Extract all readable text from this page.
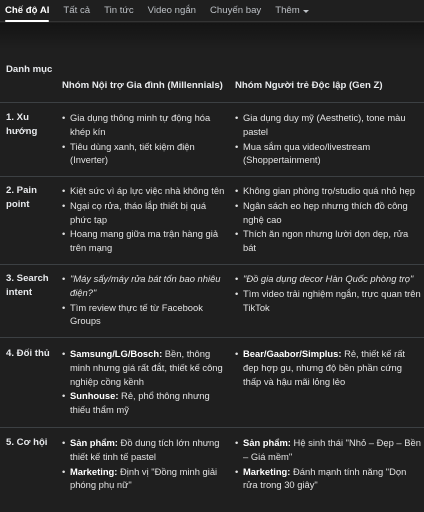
Chế độ AI Tất cả Tin tức Video ngắn Chuyến bay Thêm
Danh mục
Nhóm Nội trợ Gia đình (Millennials) Nhóm Người trẻ Độc lập (Gen Z)
1. Xu hướng
• Gia dụng thông minh tự động hóa khép kín
• Tiêu dùng xanh, tiết kiệm điện (Inverter)
• Gia dụng duy mỹ (Aesthetic), tone màu pastel
• Mua sắm qua video/livestream (Shoppertainment)
2. Pain point
• Kiệt sức vì áp lực việc nhà không tên
• Ngại cọ rửa, tháo lắp thiết bị quá phức tạp
• Hoang mang giữa ma trận hàng giả trên mạng
• Không gian phòng trọ/studio quá nhỏ hẹp
• Ngân sách eo hẹp nhưng thích đồ công nghệ cao
• Thích ăn ngon nhưng lười dọn dẹp, rửa bát
3. Search intent
• "Máy sấy/máy rửa bát tốn bao nhiêu điện?"
• Tìm review thực tế từ Facebook Groups
• "Đồ gia dụng decor Hàn Quốc phòng trọ"
• Tìm video trải nghiệm ngắn, trực quan trên TikTok
4. Đối thủ	• Samsung/LG/Bosch: Bền, thông minh nhưng giá rất đắt, thiết kế công nghiệp cồng kềnh
• Sunhouse: Rẻ, phổ thông nhưng thiếu thẩm mỹ
• Bear/Gaabor/Simplus: Rẻ, thiết kế rất đẹp hợp gu, nhưng độ bền phần cứng thấp và hậu mãi lỏng lẻo
5. Cơ hội	• Sản phẩm: Đồ dung tích lớn nhưng thiết kế tinh tế pastel
• Marketing: Định vị "Đồng minh giải phóng phụ nữ"
• Sản phẩm: Hệ sinh thái "Nhỏ – Đẹp – Bền – Giá mềm"
• Marketing: Đánh mạnh tính năng "Dọn rửa trong 30 giây"
